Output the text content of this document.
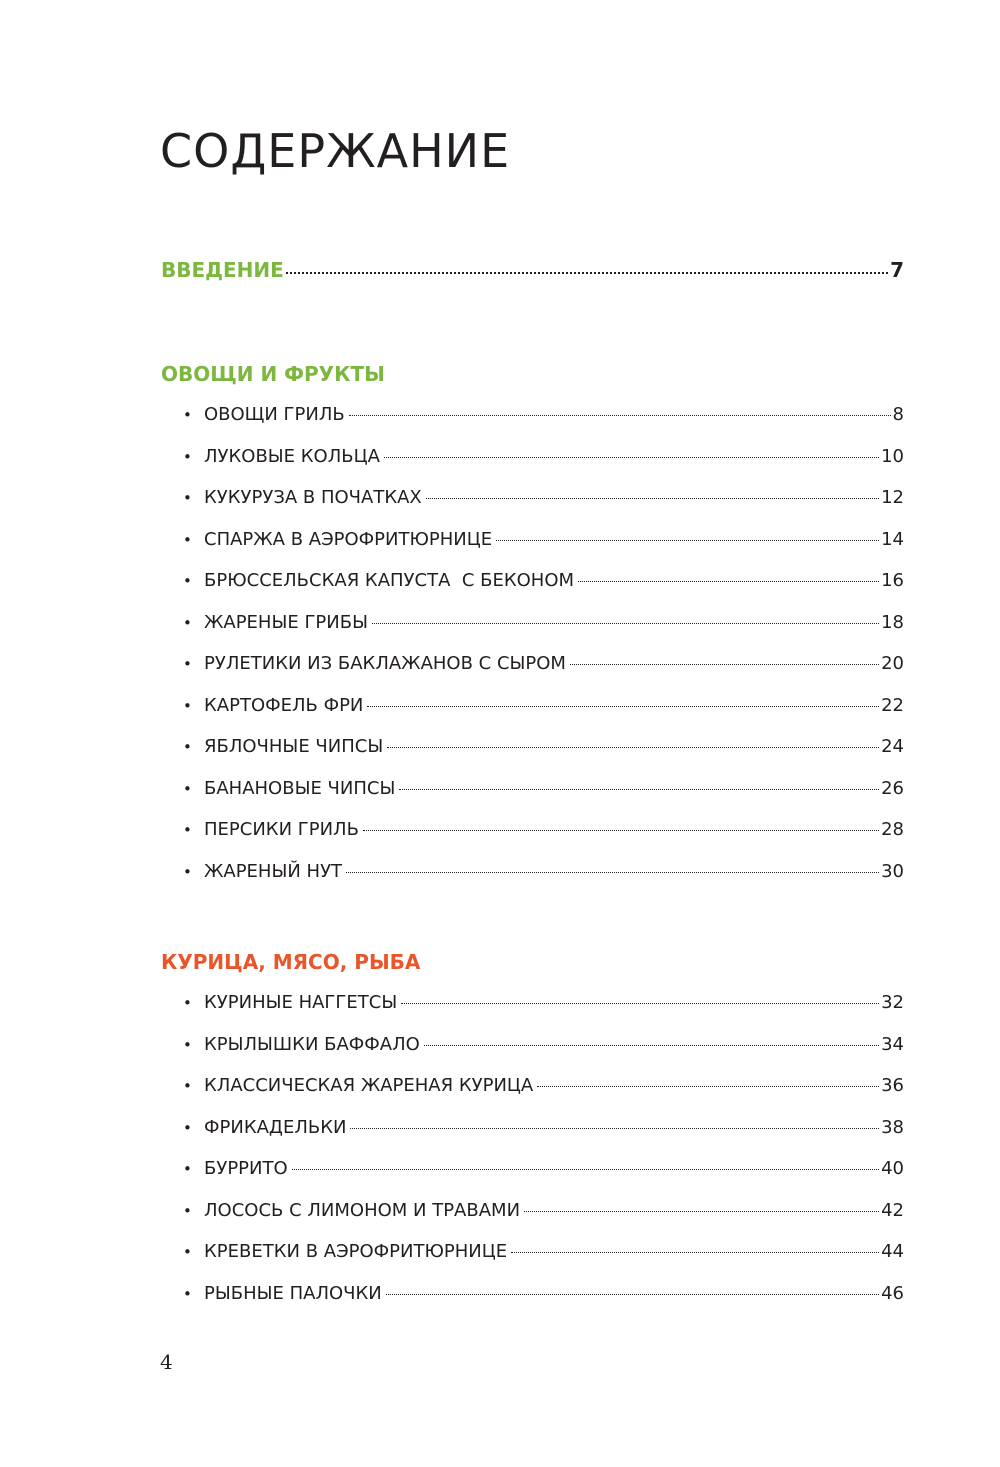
СОДЕРЖАНИЕ
ВВЕДЕНИЕ	7
ОВОЩИ И ФРУКТЫ
• ОВОЩИ ГРИЛЬ	8
• ЛУКОВЫЕ КОЛЬЦА	10
• КУКУРУЗА В ПОЧАТКАХ	12
• СПАРЖА В АЭРОФРИТЮРНИЦЕ	14
• БРЮССЕЛЬСКАЯ КАПУСТА  С БЕКОНОМ	16
• ЖАРЕНЫЕ ГРИБЫ	18
• РУЛЕТИКИ ИЗ БАКЛАЖАНОВ С СЫРОМ	20
• КАРТОФЕЛЬ ФРИ	22
• ЯБЛОЧНЫЕ ЧИПСЫ	24
• БАНАНОВЫЕ ЧИПСЫ	26
• ПЕРСИКИ ГРИЛЬ	28
• ЖАРЕНЫЙ НУТ	30
КУРИЦА, МЯСО, РЫБА
• КУРИНЫЕ НАГГЕТСЫ	32
• КРЫЛЫШКИ БАФФАЛО	34
• КЛАССИЧЕСКАЯ ЖАРЕНАЯ КУРИЦА	36
• ФРИКАДЕЛЬКИ	38
• БУРРИТО	40
• ЛОСОСЬ С ЛИМОНОМ И ТРАВАМИ	42
• КРЕВЕТКИ В АЭРОФРИТЮРНИЦЕ	44
• РЫБНЫЕ ПАЛОЧКИ	46

4
